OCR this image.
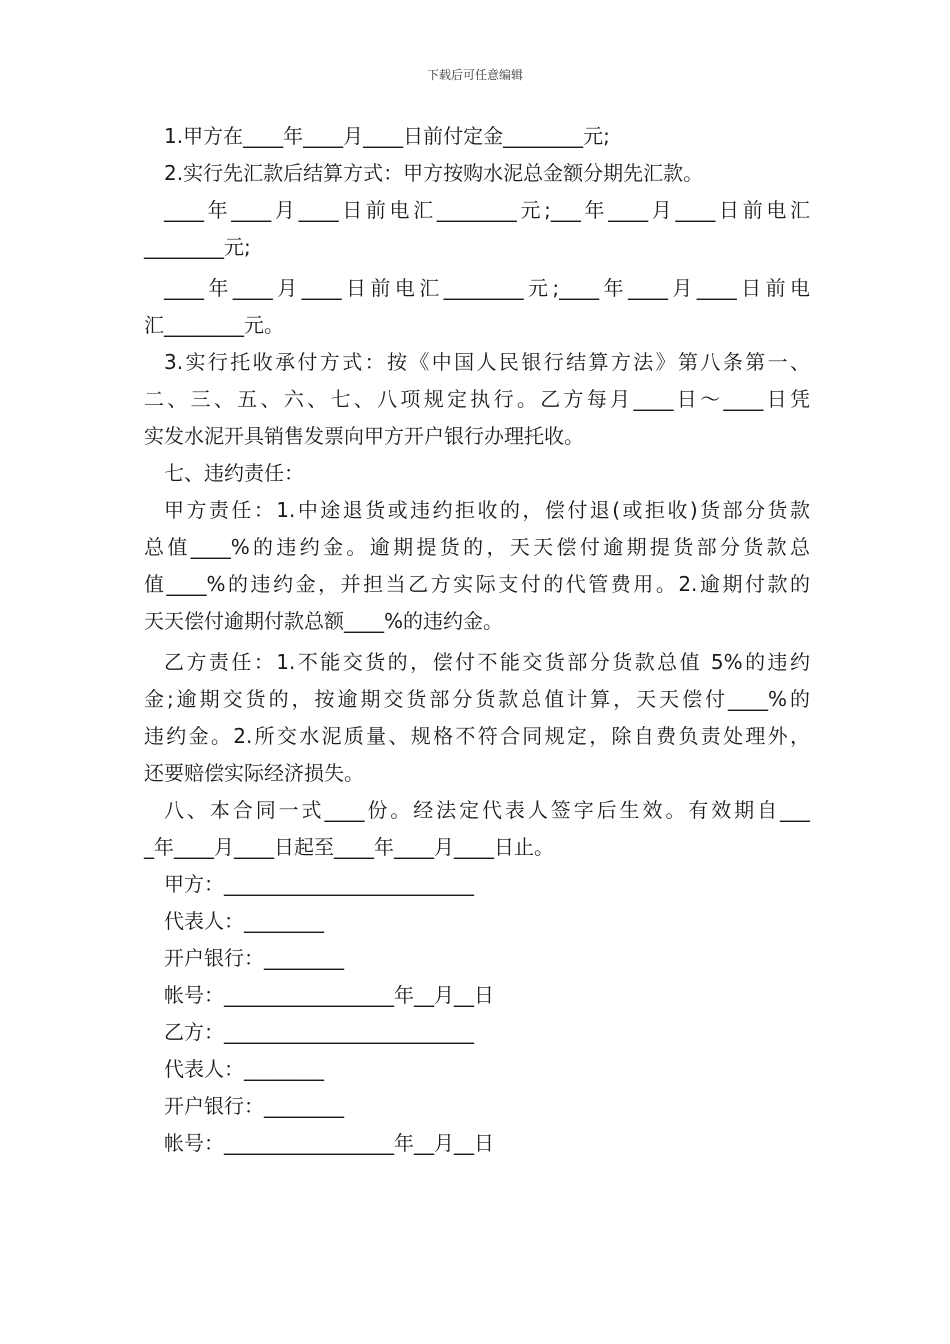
下载后可任意编辑
1.甲方在____年____月____日前付定金________元;
2.实行先汇款后结算方式：甲方按购水泥总金额分期先汇款。
____年____月____日前电汇________元;___年____月____日前电汇
________元;
____年____月____日前电汇________元;____年____月____日前电
汇________元。
3.实行托收承付方式：按《中国人民银行结算方法》第八条第一、
二、三、五、六、七、八项规定执行。乙方每月____日～____日凭
实发水泥开具销售发票向甲方开户银行办理托收。
七、违约责任：
甲方责任：1.中途退货或违约拒收的，偿付退(或拒收)货部分货款
总值____%的违约金。逾期提货的，天天偿付逾期提货部分货款总
值____%的违约金，并担当乙方实际支付的代管费用。2.逾期付款的
天天偿付逾期付款总额____%的违约金。
乙方责任：1.不能交货的，偿付不能交货部分货款总值 5%的违约
金;逾期交货的，按逾期交货部分货款总值计算，天天偿付____%的
违约金。2.所交水泥质量、规格不符合同规定，除自费负责处理外，
还要赔偿实际经济损失。
八、本合同一式____份。经法定代表人签字后生效。有效期自___
_年____月____日起至____年____月____日止。
甲方：_________________________
代表人：________
开户银行：________
帐号：_________________年__月__日
乙方：_________________________
代表人：________
开户银行：________
帐号：_________________年__月__日
